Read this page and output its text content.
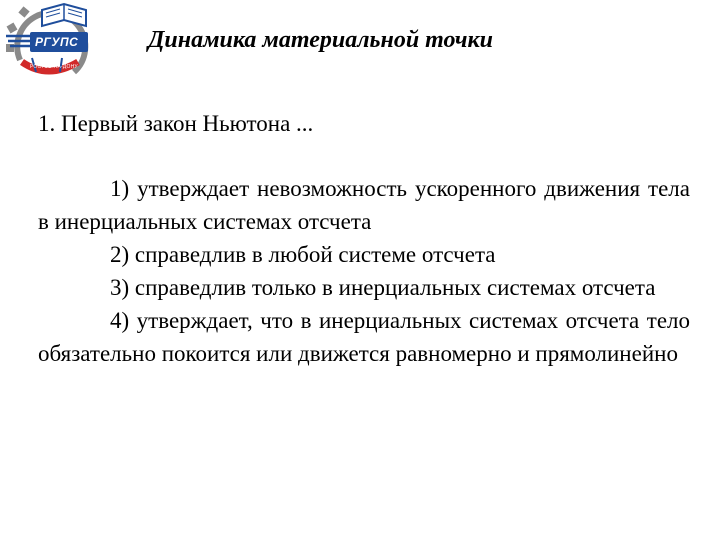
РГУПС
РОСТОВ-НА-ДОНУ
Динамика материальной точки

1. Первый закон Ньютона ...

1) утверждает невозможность ускоренного движения тела в инерциальных системах отсчета

2) справедлив в любой системе отсчета

3) справедлив только в инерциальных системах отсчета

4) утверждает, что в инерциальных системах отсчета тело обязательно покоится или движется равномерно и прямолинейно
